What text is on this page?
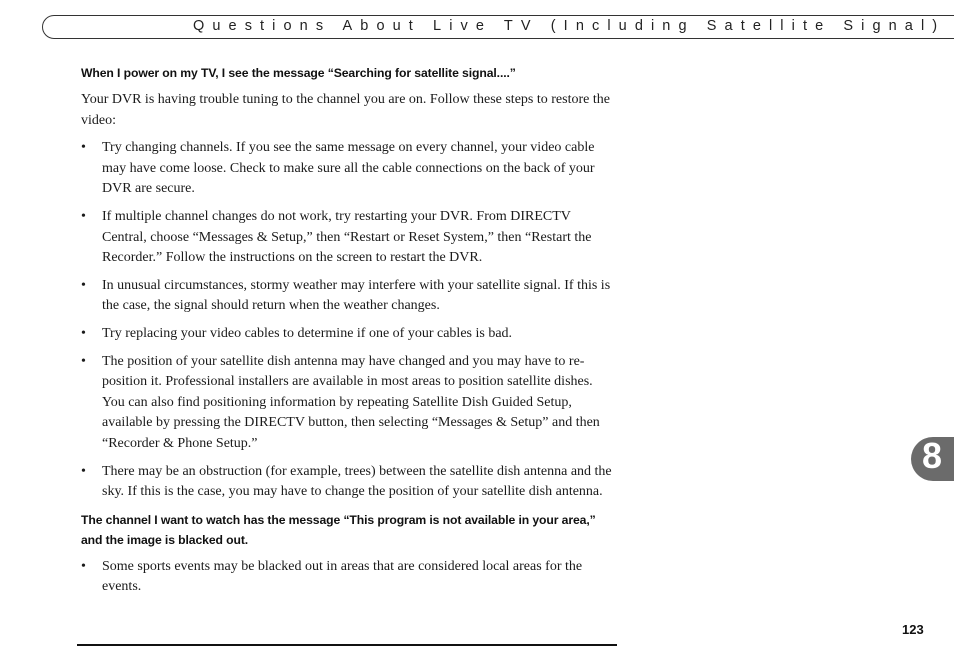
Questions About Live TV (Including Satellite Signal)

When I power on my TV, I see the message “Searching for satellite signal....”

Your DVR is having trouble tuning to the channel you are on. Follow these steps to restore the video:

• Try changing channels. If you see the same message on every channel, your video cable may have come loose. Check to make sure all the cable connections on the back of your DVR are secure.
• If multiple channel changes do not work, try restarting your DVR. From DIRECTV Central, choose “Messages & Setup,” then “Restart or Reset System,” then “Restart the Recorder.” Follow the instructions on the screen to restart the DVR.
• In unusual circumstances, stormy weather may interfere with your satellite signal. If this is the case, the signal should return when the weather changes.
• Try replacing your video cables to determine if one of your cables is bad.
• The position of your satellite dish antenna may have changed and you may have to re-position it. Professional installers are available in most areas to position satellite dishes. You can also find positioning information by repeating Satellite Dish Guided Setup, available by pressing the DIRECTV button, then selecting “Messages & Setup” and then “Recorder & Phone Setup.”
• There may be an obstruction (for example, trees) between the satellite dish antenna and the sky. If this is the case, you may have to change the position of your satellite dish antenna.

The channel I want to watch has the message “This program is not available in your area,” and the image is blacked out.

• Some sports events may be blacked out in areas that are considered local areas for the events.
123
8
